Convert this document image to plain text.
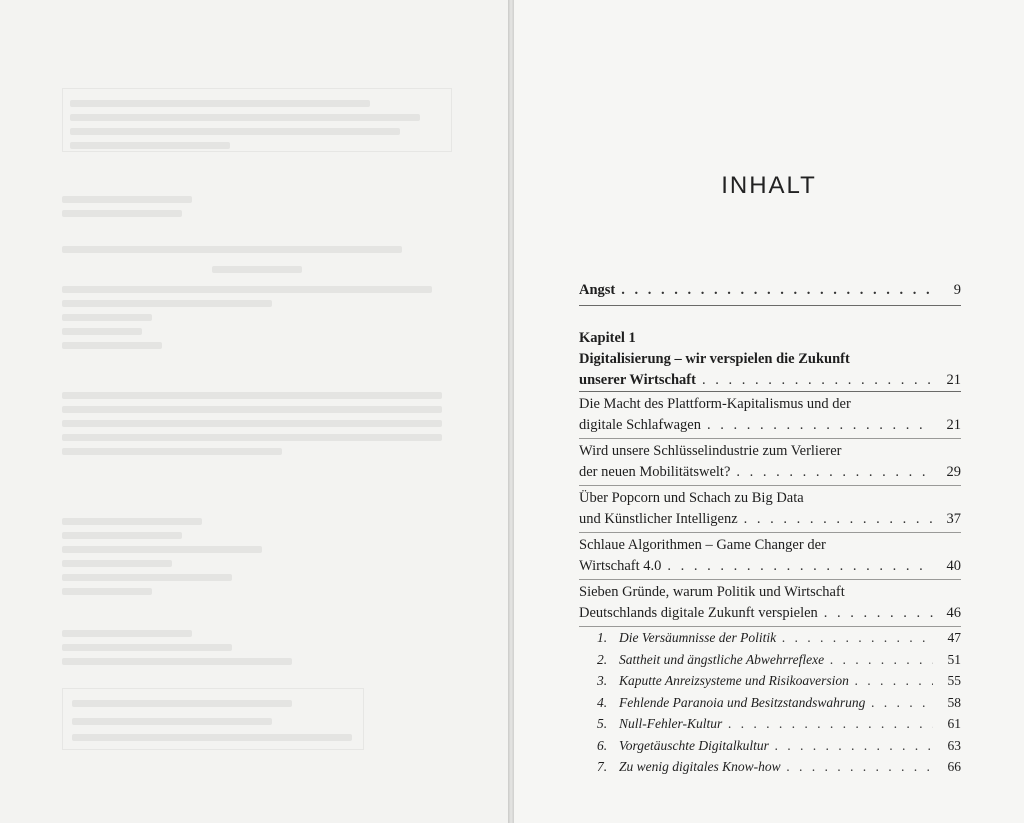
INHALT
Angst . . .	9
Kapitel 1
Digitalisierung – wir verspielen die Zukunft
unserer Wirtschaft . . .	21
Die Macht des Plattform-Kapitalismus und der
digitale Schlafwagen . . .	21
Wird unsere Schlüsselindustrie zum Verlierer
der neuen Mobilitätswelt? . . .	29
Über Popcorn und Schach zu Big Data
und Künstlicher Intelligenz . . .	37
Schlaue Algorithmen – Game Changer der
Wirtschaft 4.0 . . .	40
Sieben Gründe, warum Politik und Wirtschaft
Deutschlands digitale Zukunft verspielen . . .	46
1. Die Versäumnisse der Politik . . .	47
2. Sattheit und ängstliche Abwehrreflexe . . .	51
3. Kaputte Anreizsysteme und Risikoaversion . . .	55
4. Fehlende Paranoia und Besitzstandswahrung . . .	58
5. Null-Fehler-Kultur . . .	61
6. Vorgetäuschte Digitalkultur . . .	63
7. Zu wenig digitales Know-how . . .	66
